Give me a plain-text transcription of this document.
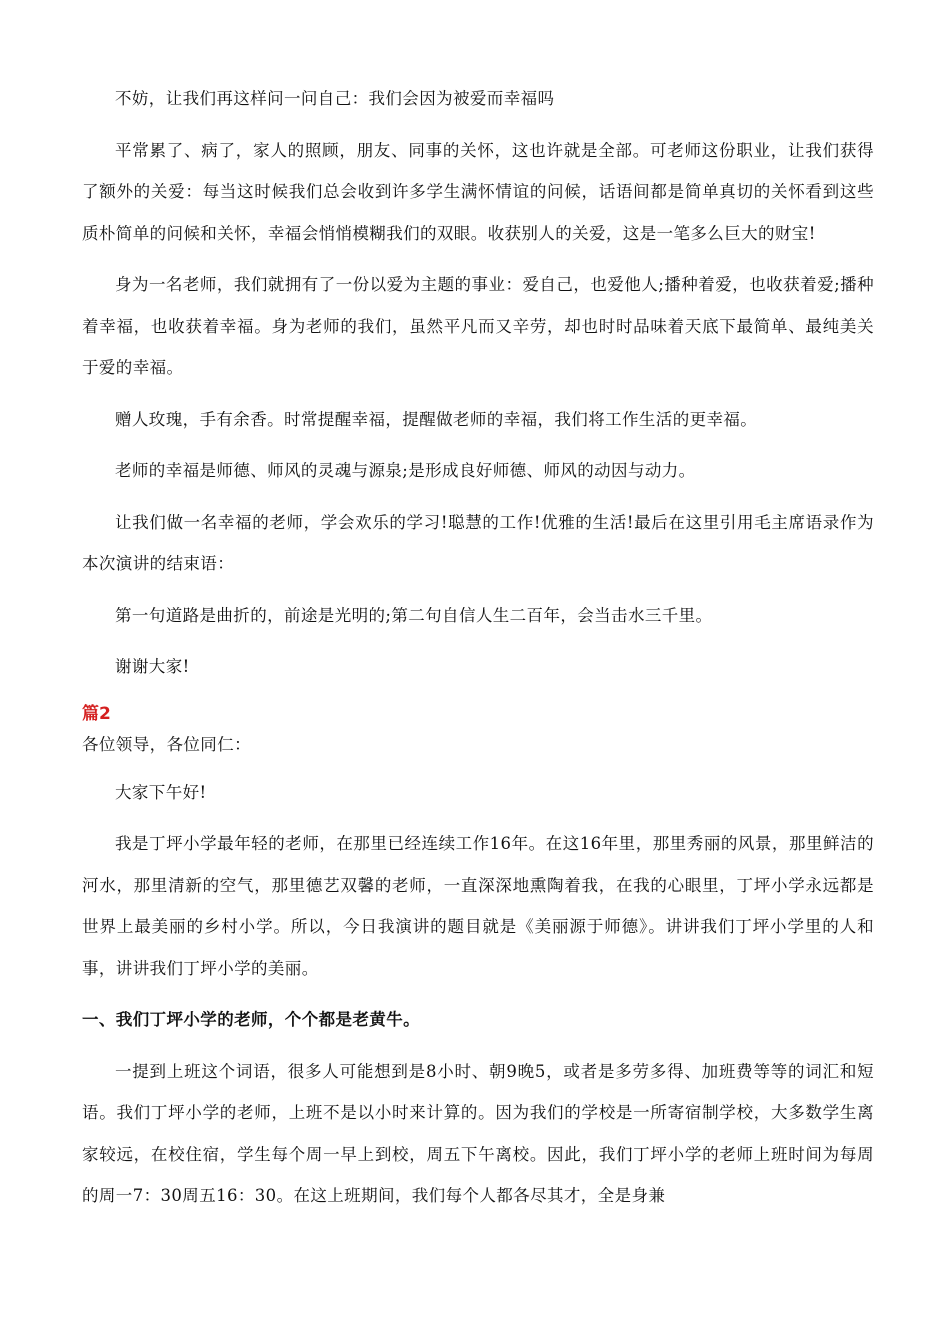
不妨，让我们再这样问一问自己：我们会因为被爱而幸福吗

平常累了、病了，家人的照顾，朋友、同事的关怀，这也许就是全部。可老师这份职业，让我们获得了额外的关爱：每当这时候我们总会收到许多学生满怀情谊的问候，话语间都是简单真切的关怀看到这些质朴简单的问候和关怀，幸福会悄悄模糊我们的双眼。收获别人的关爱，这是一笔多么巨大的财宝!

身为一名老师，我们就拥有了一份以爱为主题的事业：爱自己，也爱他人;播种着爱，也收获着爱;播种着幸福，也收获着幸福。身为老师的我们，虽然平凡而又辛劳，却也时时品味着天底下最简单、最纯美关于爱的幸福。

赠人玫瑰，手有余香。时常提醒幸福，提醒做老师的幸福，我们将工作生活的更幸福。

老师的幸福是师德、师风的灵魂与源泉;是形成良好师德、师风的动因与动力。

让我们做一名幸福的老师，学会欢乐的学习!聪慧的工作!优雅的生活!最后在这里引用毛主席语录作为本次演讲的结束语：

第一句道路是曲折的，前途是光明的;第二句自信人生二百年，会当击水三千里。

谢谢大家!

篇2

各位领导，各位同仁：

大家下午好!

我是丁坪小学最年轻的老师，在那里已经连续工作16年。在这16年里，那里秀丽的风景，那里鲜洁的河水，那里清新的空气，那里德艺双馨的老师，一直深深地熏陶着我，在我的心眼里，丁坪小学永远都是世界上最美丽的乡村小学。所以，今日我演讲的题目就是《美丽源于师德》。讲讲我们丁坪小学里的人和事，讲讲我们丁坪小学的美丽。

一、我们丁坪小学的老师，个个都是老黄牛。

一提到上班这个词语，很多人可能想到是8小时、朝9晚5，或者是多劳多得、加班费等等的词汇和短语。我们丁坪小学的老师，上班不是以小时来计算的。因为我们的学校是一所寄宿制学校，大多数学生离家较远，在校住宿，学生每个周一早上到校，周五下午离校。因此，我们丁坪小学的老师上班时间为每周的周一7：30周五16：30。在这上班期间，我们每个人都各尽其才，全是身兼
